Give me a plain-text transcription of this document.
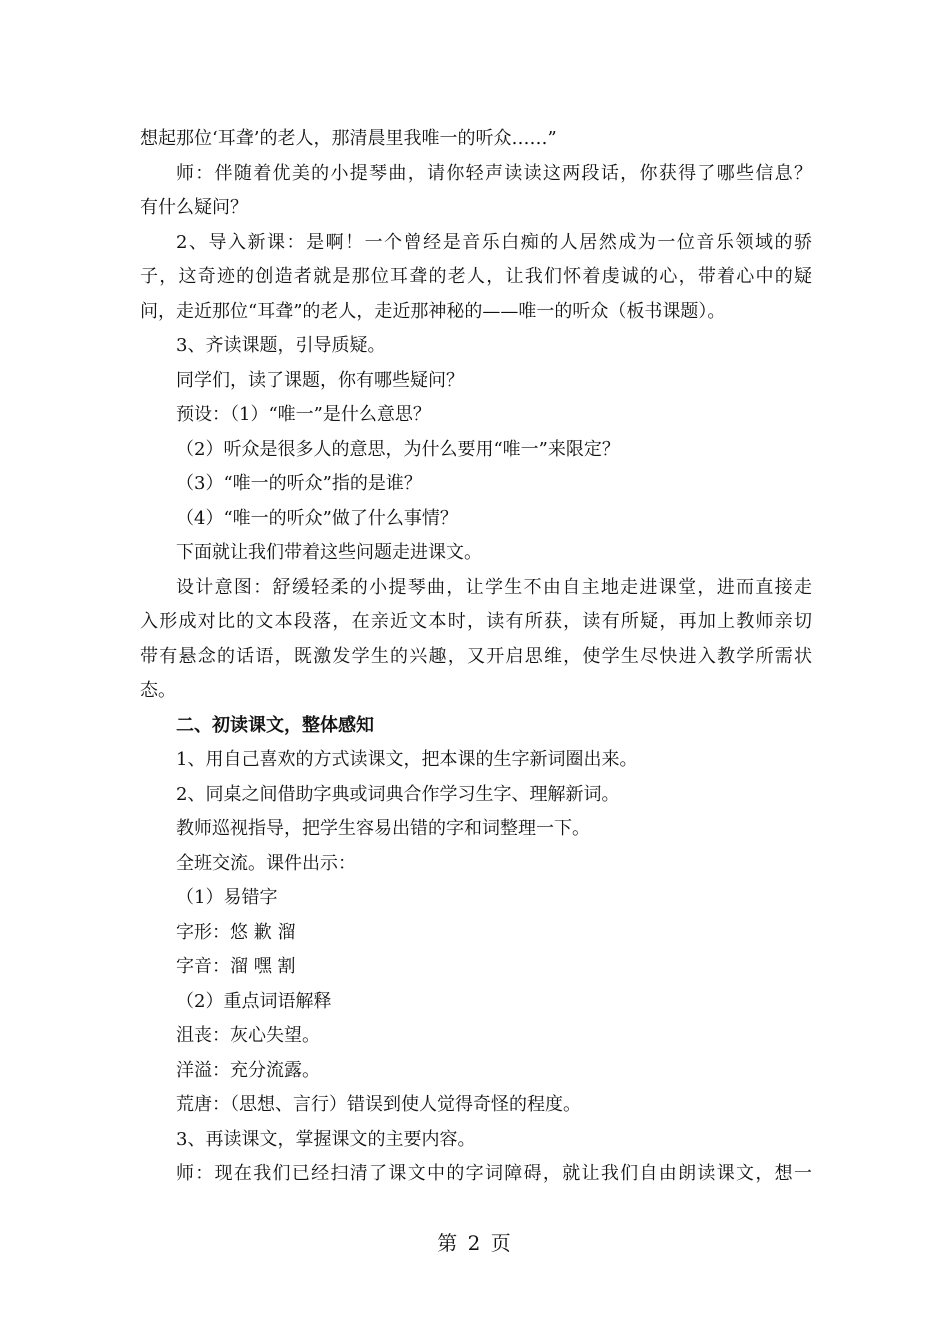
想起那位‘耳聋’的老人，那清晨里我唯一的听众……”
师：伴随着优美的小提琴曲，请你轻声读读这两段话，你获得了哪些信息？
有什么疑问？
2、导入新课：是啊！一个曾经是音乐白痴的人居然成为一位音乐领域的骄
子，这奇迹的创造者就是那位耳聋的老人，让我们怀着虔诚的心，带着心中的疑
问，走近那位“耳聋”的老人，走近那神秘的——唯一的听众（板书课题）。
3、齐读课题，引导质疑。
同学们，读了课题，你有哪些疑问？
预设：（1）“唯一”是什么意思？
（2）听众是很多人的意思，为什么要用“唯一”来限定？
（3）“唯一的听众”指的是谁？
（4）“唯一的听众”做了什么事情？
下面就让我们带着这些问题走进课文。
设计意图：舒缓轻柔的小提琴曲，让学生不由自主地走进课堂，进而直接走
入形成对比的文本段落，在亲近文本时，读有所获，读有所疑，再加上教师亲切
带有悬念的话语，既激发学生的兴趣，又开启思维，使学生尽快进入教学所需状
态。
二、初读课文，整体感知
1、用自己喜欢的方式读课文，把本课的生字新词圈出来。
2、同桌之间借助字典或词典合作学习生字、理解新词。
教师巡视指导，把学生容易出错的字和词整理一下。
全班交流。课件出示：
（1）易错字
字形：悠 歉 溜
字音：溜 嘿 割
（2）重点词语解释
沮丧：灰心失望。
洋溢：充分流露。
荒唐：（思想、言行）错误到使人觉得奇怪的程度。
3、再读课文，掌握课文的主要内容。
师：现在我们已经扫清了课文中的字词障碍，就让我们自由朗读课文，想一
第 2 页
